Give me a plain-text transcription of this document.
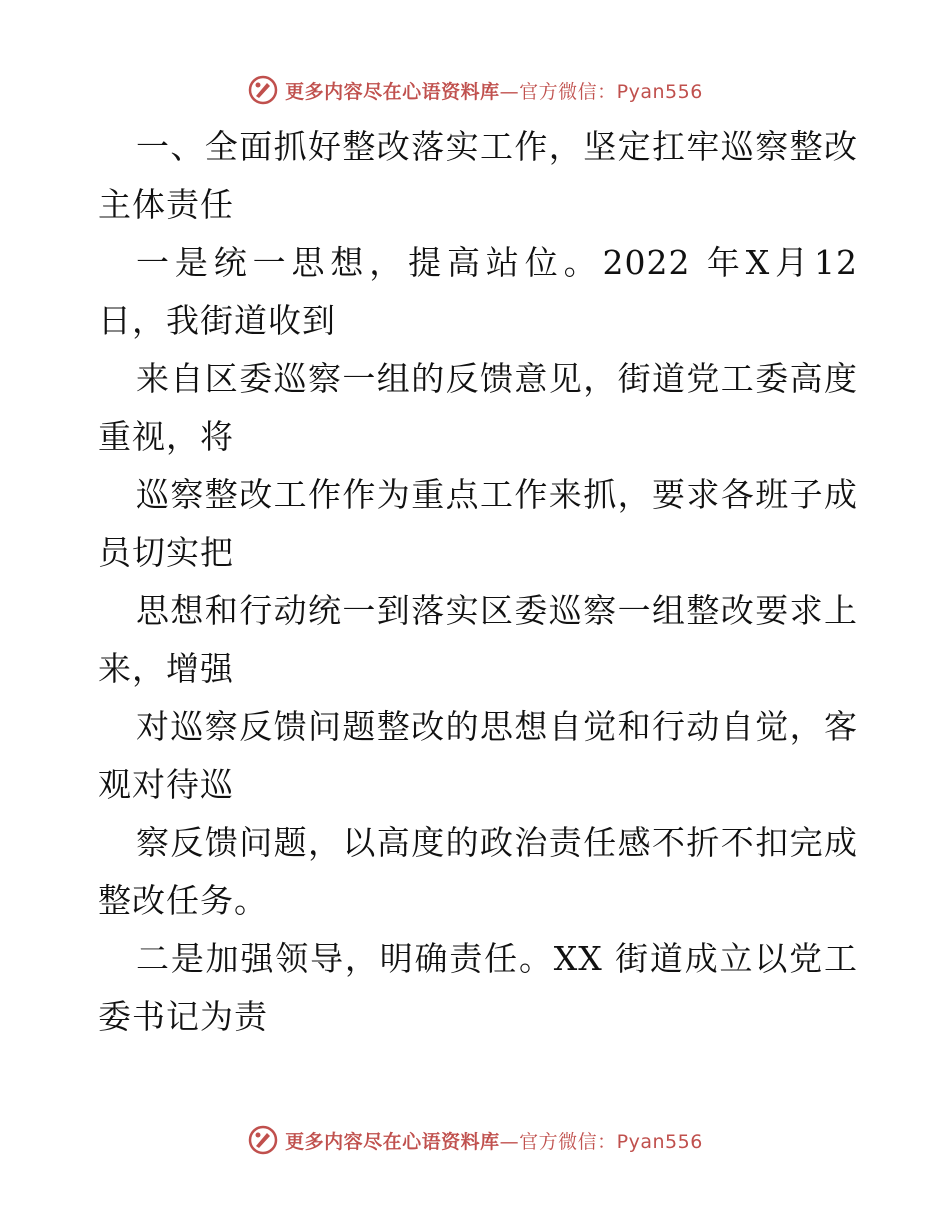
更多内容尽在心语资料库—官方微信：Pyan556

一、全面抓好整改落实工作，坚定扛牢巡察整改主体责任

一是统一思想，提高站位。2022 年X月12 日，我街道收到

来自区委巡察一组的反馈意见，街道党工委高度重视，将

巡察整改工作作为重点工作来抓，要求各班子成员切实把

思想和行动统一到落实区委巡察一组整改要求上来，增强

对巡察反馈问题整改的思想自觉和行动自觉，客观对待巡

察反馈问题，以高度的政治责任感不折不扣完成整改任务。

二是加强领导，明确责任。XX 街道成立以党工委书记为责

更多内容尽在心语资料库—官方微信：Pyan556
